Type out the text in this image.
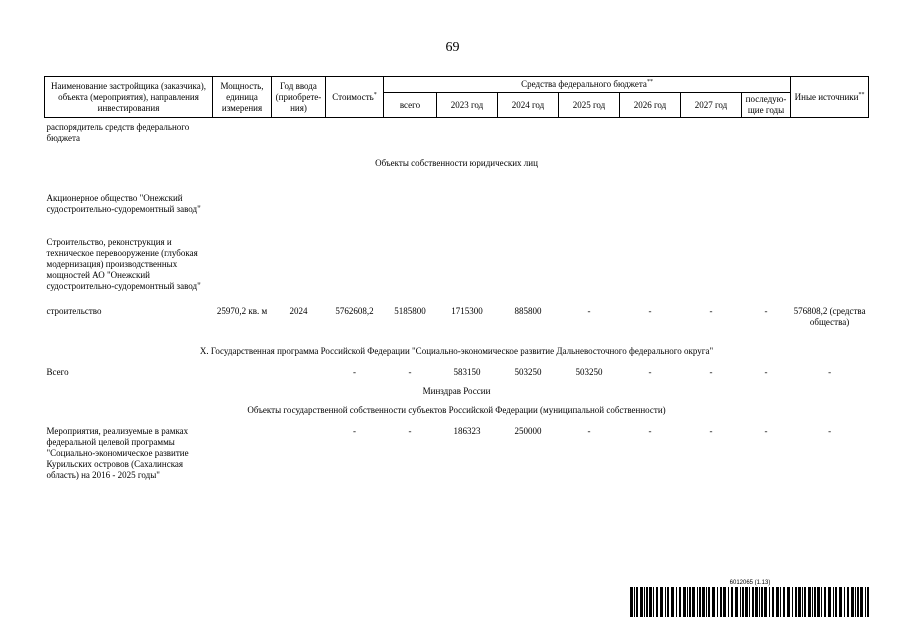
69
Наименование застройщика (заказчика), объекта (мероприятия), направления инвестирования	Мощность, единица измерения	Год ввода (приобрете-ния)	Стоимость*	Средства федерального бюджета**							Иные источники**
				всего	2023 год	2024 год	2025 год	2026 год	2027 год	последую-щие годы	
распорядитель средств федерального бюджета											
Объекты собственности юридических лиц											
Акционерное общество "Онежский судостроительно-судоремонтный завод"											
Строительство, реконструкция и техническое перевооружение (глубокая модернизация) производственных мощностей АО "Онежский судостроительно-судоремонтный завод"											
строительство	25970,2 кв. м	2024	5762608,2	5185800	1715300	885800	-	-	-	-	576808,2 (средства общества)
X. Государственная программа Российской Федерации "Социально-экономическое развитие Дальневосточного федерального округа"											
Всего			-	-	583150	503250	503250	-	-	-	-
Минздрав России											
Объекты государственной собственности субъектов Российской Федерации (муниципальной собственности)											
Мероприятия, реализуемые в рамках федеральной целевой программы "Социально-экономическое развитие Курильских островов (Сахалинская область) на 2016 - 2025 годы"			-	-	186323	250000	-	-	-	-	-
6012065 (1.13)
